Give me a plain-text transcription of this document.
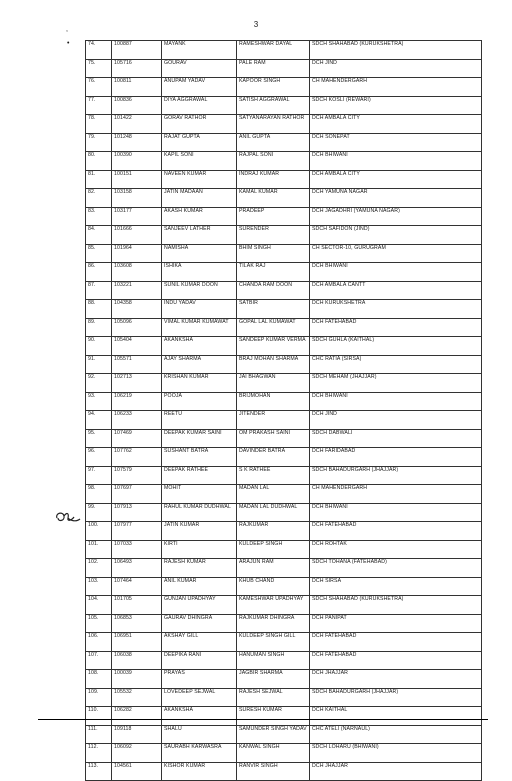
3
,
•	74.	100887	MAYANK	RAMESHWAR DAYAL	SDCH SHAHABAD (KURUKSHETRA)
75.	105716	GOURAV	PALE RAM	DCH JIND
76.	100811	ANUPAM YADAV	KAPOOR SINGH	CH MAHENDERGARH
77.	100836	DIYA AGGRAWAL	SATISH AGGRAWAL	SDCH KOSLI (REWARI)
78.	101422	GORAV RATHOR	SATYANARAYAN RATHOR	DCH AMBALA CITY
79.	101248	RAJAT GUPTA	ANIL GUPTA	DCH SONEPAT
80.	100390	KAPIL SONI	RAJPAL SONI	DCH BHIWANI
81.	100151	NAVEEN KUMAR	INDRAJ KUMAR	DCH AMBALA CITY
82.	103158	JATIN MADAAN	KAMAL KUMAR	DCH YAMUNA NAGAR
83.	103177	AKASH KUMAR	PRADEEP	DCH JAGADHRI (YAMUNA NAGAR)
84.	101666	SANJEEV LATHER	SURENDER	SDCH SAFIDON (JIND)
85.	101964	NAMISHA	BHIM SINGH	CH SECTOR-10, GURUGRAM
86.	103608	ISHIKA	TILAK RAJ	DCH BHIWANI
87.	103221	SUNIL KUMAR DOON	CHANDA RAM DOON	DCH AMBALA CANTT
88.	104358	INDU YADAV	SATBIR	DCH KURUKSHETRA
89.	105096	VIMAL KUMAR KUMAWAT	GOPAL LAL KUMAWAT	DCH FATEHABAD
90.	105404	AKANKSHA	SANDEEP KUMAR VERMA	SDCH GUHLA (KAITHAL)
91.	105571	AJAY SHARMA	BRAJ MOHAN SHARMA	CHC RATIA (SIRSA)
92.	102713	KRISHAN KUMAR	JAI BHAGWAN	SDCH MEHAM (JHAJJAR)
93.	106219	POOJA	BRIJMOHAN	DCH BHIWANI
94.	106233	REETU	JITENDER	DCH JIND
95.	107469	DEEPAK KUMAR SAINI	OM PRAKASH SAINI	SDCH DABWALI
96.	107762	SUSHANT BATRA	DAVINDER BATRA	DCH FARIDABAD
97.	107579	DEEPAK RATHEE	S K RATHEE	SDCH BAHADURGARH (JHAJJAR)
98.	107697	MOHIT	MADAN LAL	CH MAHENDERGARH
99.	107913	RAHUL KUMAR DUDHWAL	MADAN LAL DUDHWAL	DCH BHIWANI
100.	107977	JATIN KUMAR	RAJKUMAR	DCH FATEHABAD
101.	107033	KIRTI	KULDEEP SINGH	DCH ROHTAK
102.	106493	RAJESH KUMAR	ARAJUN RAM	SDCH TOHANA (FATEHABAD)
103.	107464	ANIL KUMAR	KHUB CHAND	DCH SIRSA
104.	101705	GUNJAN UPADHYAY	KAMESHWAR UPADHYAY	SDCH SHAHABAD (KURUKSHETRA)
105.	106853	GAURAV DHINGRA	RAJKUMAR DHINGRA	DCH PANIPAT
106.	106951	AKSHAY GILL	KULDEEP SINGH GILL	DCH FATEHABAD
107.	106038	DEEPIKA RANI	HANUMAN SINGH	DCH FATEHABAD
108.	100039	PRAYAS	JAGBIR SHARMA	DCH JHAJJAR
109.	105532	LOVEDEEP SEJWAL	RAJESH SEJWAL	SDCH BAHADURGARH (JHAJJAR)
110.	106282	AKANKSHA	SURESH KUMAR	DCH KAITHAL
111.	109118	SHALU	SAMUNDER SINGH YADAV	CHC ATELI (NARNAUL)
112.	106092	SAURABH KARWASRA	KANWAL SINGH	SDCH LOHARU (BHIWANI)
113.	104561	KISHOR KUMAR	RANVIR SINGH	DCH JHAJJAR
